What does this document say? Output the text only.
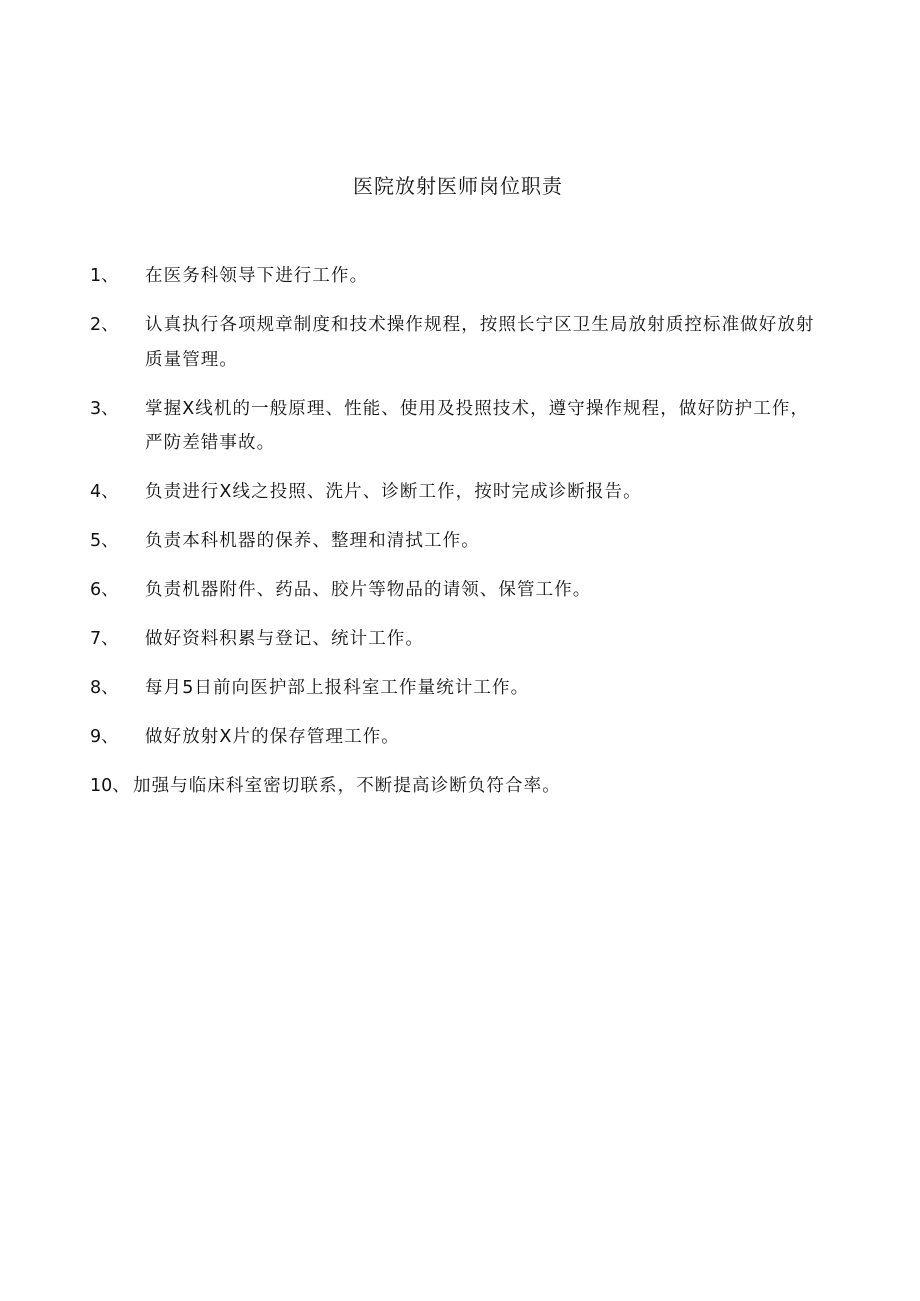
医院放射医师岗位职责
1、 在医务科领导下进行工作。
2、 认真执行各项规章制度和技术操作规程，按照长宁区卫生局放射质控标准做好放射质量管理。
3、 掌握X线机的一般原理、性能、使用及投照技术，遵守操作规程，做好防护工作，严防差错事故。
4、 负责进行X线之投照、洗片、诊断工作，按时完成诊断报告。
5、 负责本科机器的保养、整理和清拭工作。
6、 负责机器附件、药品、胶片等物品的请领、保管工作。
7、 做好资料积累与登记、统计工作。
8、 每月5日前向医护部上报科室工作量统计工作。
9、 做好放射X片的保存管理工作。
10、 加强与临床科室密切联系，不断提高诊断负符合率。
